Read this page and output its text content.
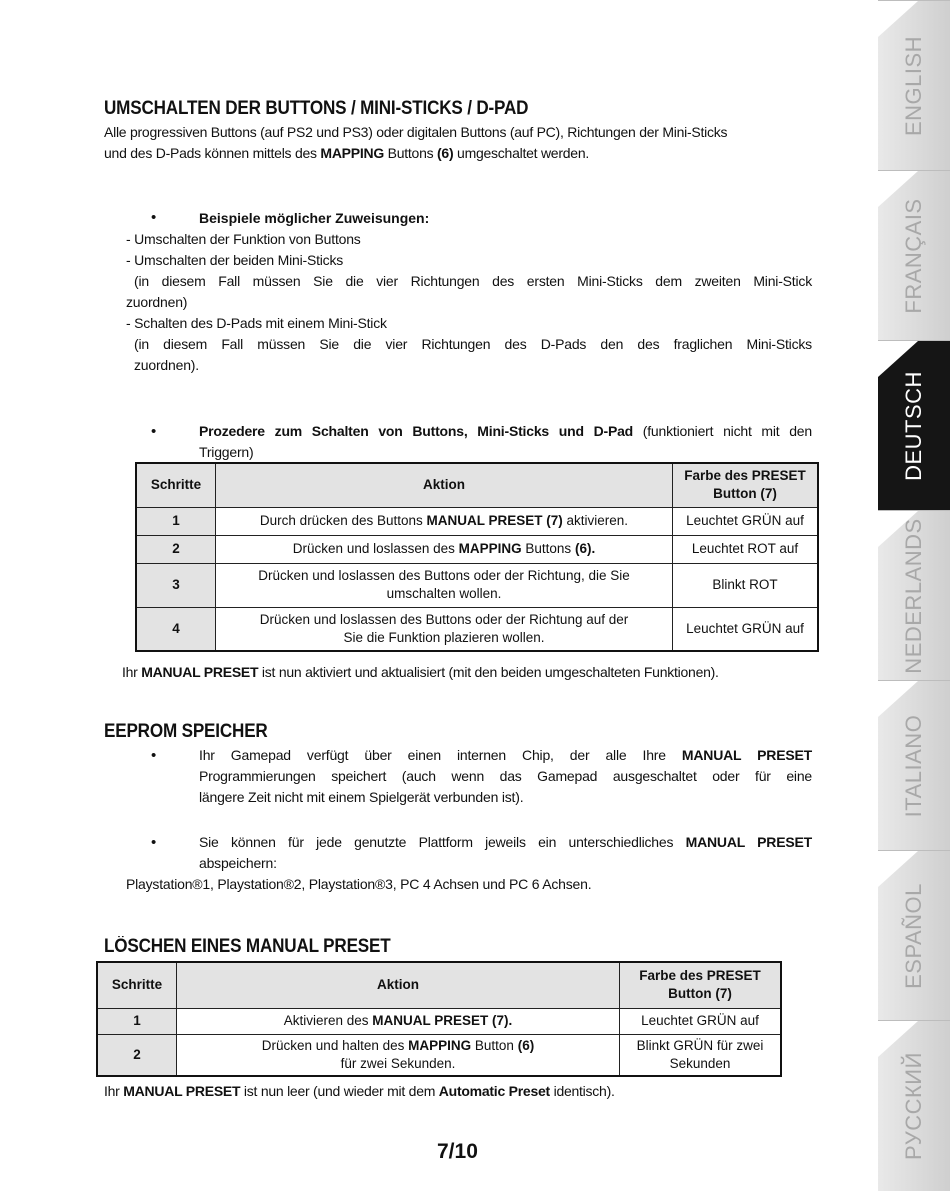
UMSCHALTEN DER BUTTONS / MINI-STICKS / D-PAD
Alle progressiven Buttons (auf PS2 und PS3) oder digitalen Buttons (auf PC), Richtungen der Mini-Sticks
und des D-Pads können mittels des MAPPING Buttons (6) umgeschaltet werden.
•	Beispiele möglicher Zuweisungen:
- Umschalten der Funktion von Buttons
- Umschalten der beiden Mini-Sticks
(in diesem Fall müssen Sie die vier Richtungen des ersten Mini-Sticks dem zweiten Mini-Stick
zuordnen)
- Schalten des D-Pads mit einem Mini-Stick
(in diesem Fall müssen Sie die vier Richtungen des D-Pads den des fraglichen Mini-Sticks
zuordnen).
•	Prozedere zum Schalten von Buttons, Mini-Sticks und D-Pad (funktioniert nicht mit den
Triggern)
Schritte	Aktion	Farbe des PRESET Button (7)
1	Durch drücken des Buttons MANUAL PRESET (7) aktivieren.	Leuchtet GRÜN auf
2	Drücken und loslassen des MAPPING Buttons (6).	Leuchtet ROT auf
3	Drücken und loslassen des Buttons oder der Richtung, die Sie
umschalten wollen.	Blinkt ROT
4	Drücken und loslassen des Buttons oder der Richtung auf der
Sie die Funktion plazieren wollen.	Leuchtet GRÜN auf
Ihr MANUAL PRESET ist nun aktiviert und aktualisiert (mit den beiden umgeschalteten Funktionen).
EEPROM SPEICHER
•	Ihr Gamepad verfügt über einen internen Chip, der alle Ihre MANUAL PRESET
Programmierungen speichert (auch wenn das Gamepad ausgeschaltet oder für eine
längere Zeit nicht mit einem Spielgerät verbunden ist).
•	Sie können für jede genutzte Plattform jeweils ein unterschiedliches MANUAL PRESET
abspeichern:
Playstation®1, Playstation®2, Playstation®3, PC 4 Achsen und PC 6 Achsen.
LÖSCHEN EINES MANUAL PRESET
Schritte	Aktion	Farbe des PRESET Button (7)
1	Aktivieren des MANUAL PRESET (7).	Leuchtet GRÜN auf
2	Drücken und halten des MAPPING Button (6)
für zwei Sekunden.	Blinkt GRÜN für zwei Sekunden
Ihr MANUAL PRESET ist nun leer (und wieder mit dem Automatic Preset identisch).
7/10
ENGLISH
FRANÇAIS
DEUTSCH
NEDERLANDS
ITALIANO
ESPAÑOL
РУССКИЙ
